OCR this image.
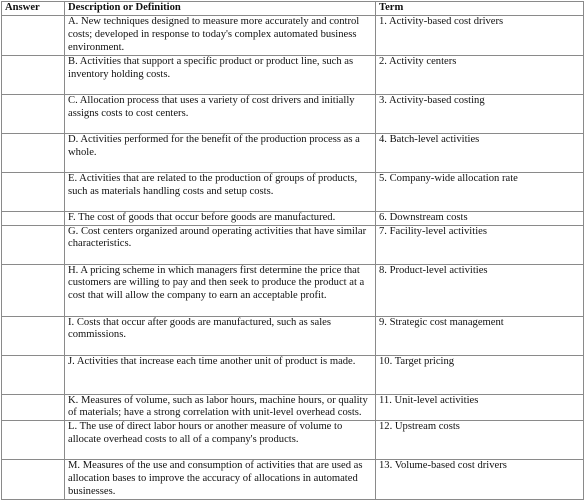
Answer	Description or Definition	Term
	A. New techniques designed to measure more accurately and control costs; developed in response to today's complex automated business environment.	1. Activity-based cost drivers
	B. Activities that support a specific product or product line, such as inventory holding costs.	2. Activity centers
	C. Allocation process that uses a variety of cost drivers and initially assigns costs to cost centers.	3. Activity-based costing
	D. Activities performed for the benefit of the production process as a whole.	4. Batch-level activities
	E. Activities that are related to the production of groups of products, such as materials handling costs and setup costs.	5. Company-wide allocation rate
	F. The cost of goods that occur before goods are manufactured.	6. Downstream costs
	G. Cost centers organized around operating activities that have similar characteristics.	7. Facility-level activities
	H. A pricing scheme in which managers first determine the price that customers are willing to pay and then seek to produce the product at a cost that will allow the company to earn an acceptable profit.	8. Product-level activities
	I. Costs that occur after goods are manufactured, such as sales commissions.	9. Strategic cost management
	J. Activities that increase each time another unit of product is made.	10. Target pricing
	K. Measures of volume, such as labor hours, machine hours, or quality of materials; have a strong correlation with unit-level overhead costs.	11. Unit-level activities
	L. The use of direct labor hours or another measure of volume to allocate overhead costs to all of a company's products.	12. Upstream costs
	M. Measures of the use and consumption of activities that are used as allocation bases to improve the accuracy of allocations in automated businesses.	13. Volume-based cost drivers
